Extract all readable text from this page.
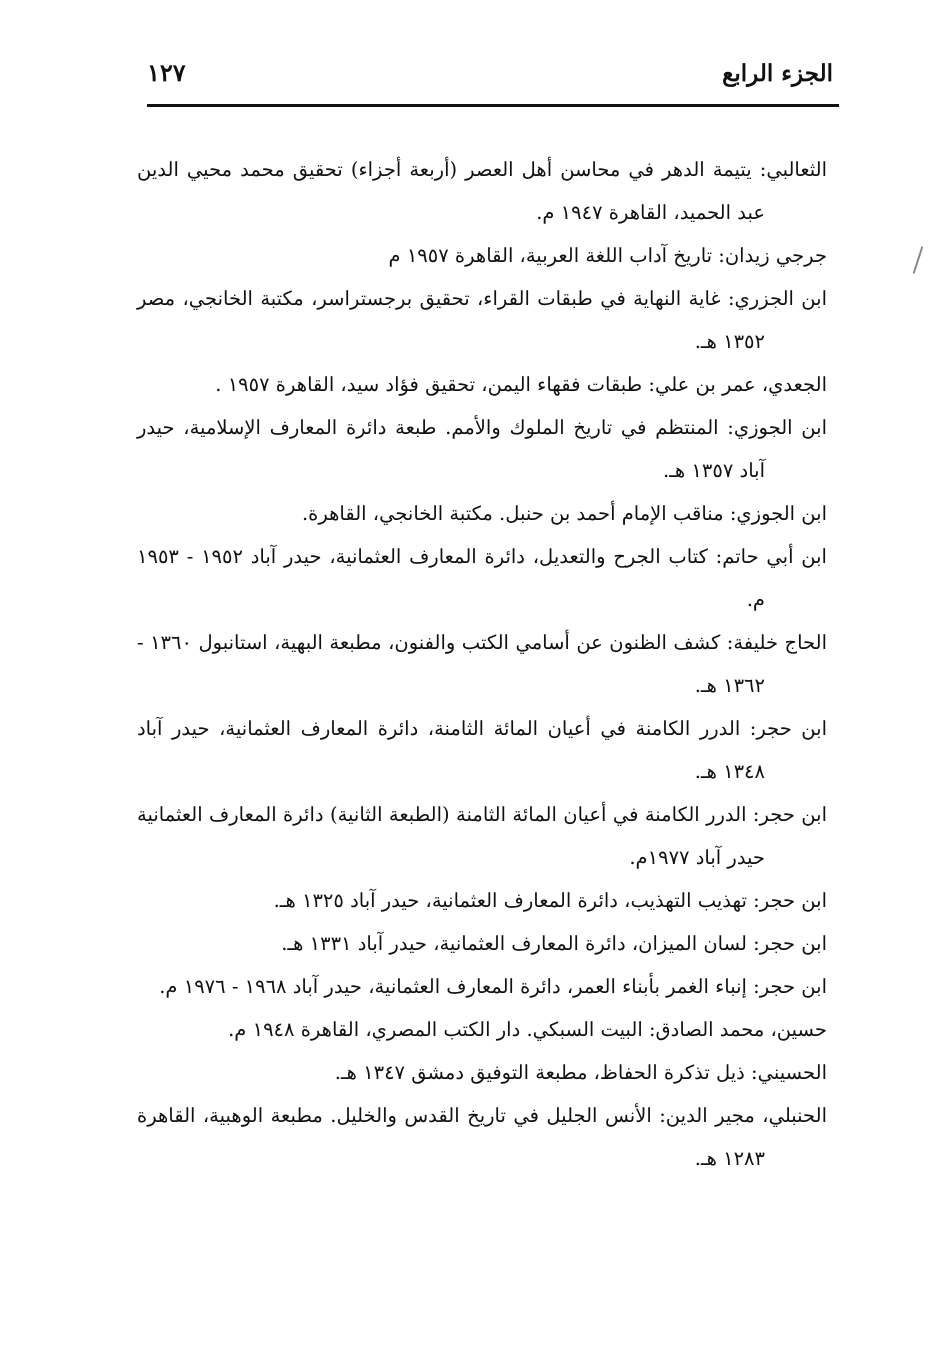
الجزء الرابع
١٢٧

الثعالبي: يتيمة الدهر في محاسن أهل العصر (أربعة أجزاء) تحقيق محمد محيي الدين عبد الحميد، القاهرة ١٩٤٧ م.

جرجي زيدان: تاريخ آداب اللغة العربية، القاهرة ١٩٥٧ م

ابن الجزري: غاية النهاية في طبقات القراء، تحقيق برجستراسر، مكتبة الخانجي، مصر ١٣٥٢ هـ.

الجعدي، عمر بن علي: طبقات فقهاء اليمن، تحقيق فؤاد سيد، القاهرة ١٩٥٧ .

ابن الجوزي: المنتظم في تاريخ الملوك والأمم. طبعة دائرة المعارف الإسلامية، حيدر آباد ١٣٥٧ هـ.

ابن الجوزي: مناقب الإمام أحمد بن حنبل. مكتبة الخانجي، القاهرة.

ابن أبي حاتم: كتاب الجرح والتعديل، دائرة المعارف العثمانية، حيدر آباد ١٩٥٢ - ١٩٥٣ م.

الحاج خليفة: كشف الظنون عن أسامي الكتب والفنون، مطبعة البهية، استانبول ١٣٦٠ - ١٣٦٢ هـ.

ابن حجر: الدرر الكامنة في أعيان المائة الثامنة، دائرة المعارف العثمانية، حيدر آباد ١٣٤٨ هـ.

ابن حجر: الدرر الكامنة في أعيان المائة الثامنة (الطبعة الثانية) دائرة المعارف العثمانية حيدر آباد ١٩٧٧م.

ابن حجر: تهذيب التهذيب، دائرة المعارف العثمانية، حيدر آباد ١٣٢٥ هـ.

ابن حجر: لسان الميزان، دائرة المعارف العثمانية، حيدر آباد ١٣٣١ هـ.

ابن حجر: إنباء الغمر بأبناء العمر، دائرة المعارف العثمانية، حيدر آباد ١٩٦٨ - ١٩٧٦ م.

حسين، محمد الصادق: البيت السبكي. دار الكتب المصري، القاهرة ١٩٤٨ م.

الحسيني: ذيل تذكرة الحفاظ، مطبعة التوفيق دمشق ١٣٤٧ هـ.

الحنبلي، مجير الدين: الأنس الجليل في تاريخ القدس والخليل. مطبعة الوهبية، القاهرة ١٢٨٣ هـ.
